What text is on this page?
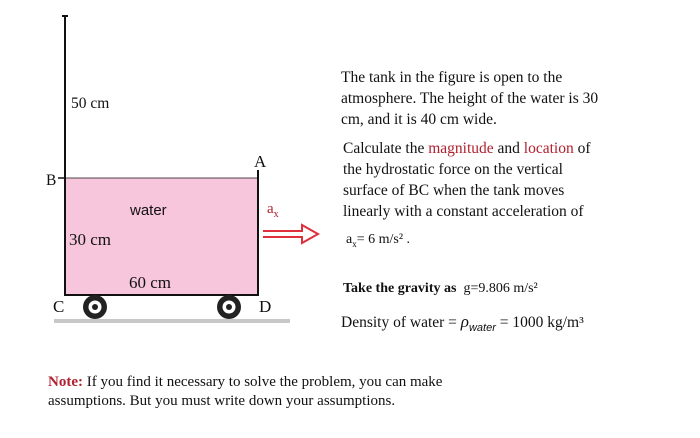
50 cm
B
A
water
30 cm
60 cm
C	D
$a_x$
The tank in the figure is open to the
atmosphere. The height of the water is 30
cm, and it is 40 cm wide.
Calculate the magnitude and location of
the hydrostatic force on the vertical
surface of BC when the tank moves
linearly with a constant acceleration of
$a_x= 6$ m/s² .
Take the gravity as g=9.806 m/s²
Density of water = $\rho_{water} = 1000$ kg/m³
Note: If you find it necessary to solve the problem, you can make
assumptions. But you must write down your assumptions.
